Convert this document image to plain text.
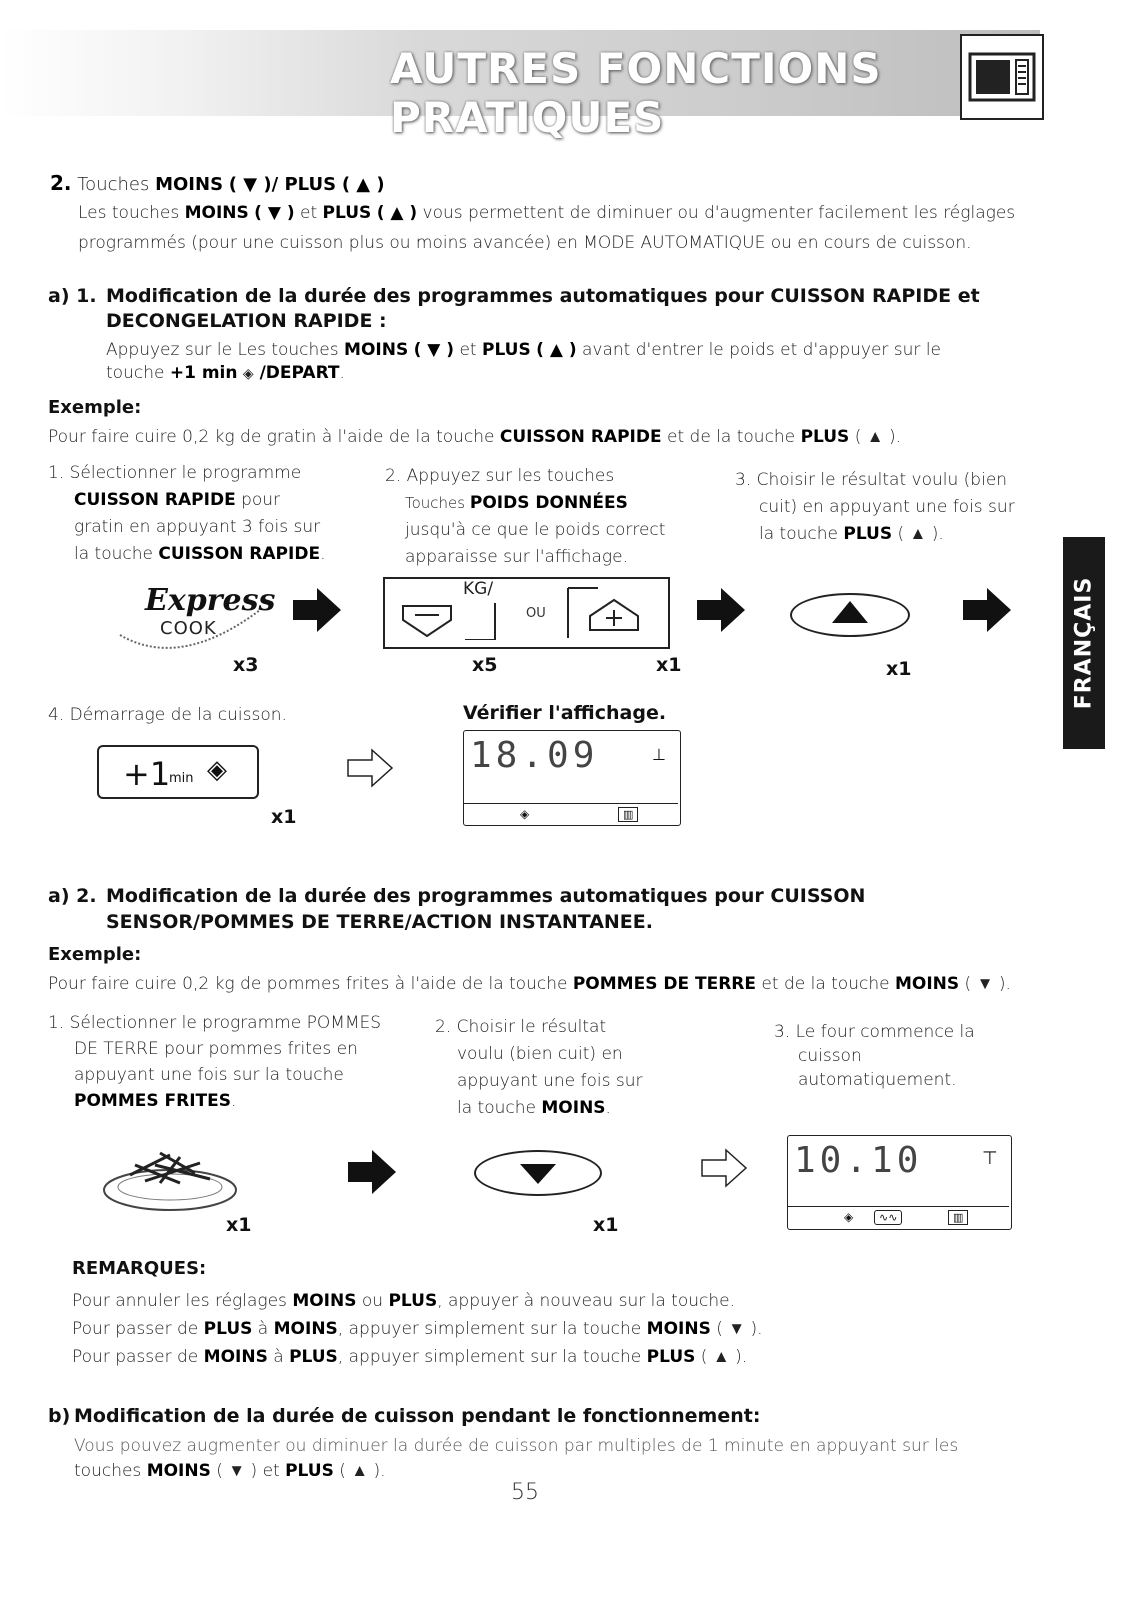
AUTRES FONCTIONS PRATIQUES
FRANÇAIS
2. Touches MOINS ( ▼ )/ PLUS ( ▲ )
Les touches MOINS ( ▼ ) et PLUS ( ▲ ) vous permettent de diminuer ou d'augmenter facilement les réglages
programmés (pour une cuisson plus ou moins avancée) en MODE AUTOMATIQUE ou en cours de cuisson.
a) 1. Modification de la durée des programmes automatiques pour CUISSON RAPIDE et
DECONGELATION RAPIDE :
Appuyez sur le Les touches MOINS ( ▼ ) et PLUS ( ▲ ) avant d'entrer le poids et d'appuyer sur le
touche +1 min ◈ /DEPART.
Exemple:
Pour faire cuire 0,2 kg de gratin à l'aide de la touche CUISSON RAPIDE et de la touche PLUS ( ▲ ).
1. Sélectionner le programme
CUISSON RAPIDE pour
gratin en appuyant 3 fois sur
la touche CUISSON RAPIDE.
2. Appuyez sur les touches
Touches POIDS DONNÉES
jusqu'à ce que le poids correct
apparaisse sur l'affichage.
3. Choisir le résultat voulu (bien
cuit) en appuyant une fois sur
la touche PLUS ( ▲ ).
Express
COOK
x3
KG/
OU
x5	x1	x1
4. Démarrage de la cuisson.	Vérifier l'affichage.
+1
min ◈
x1
18.09	⊥
◈	▥
a) 2. Modification de la durée des programmes automatiques pour CUISSON
SENSOR/POMMES DE TERRE/ACTION INSTANTANEE.
Exemple:
Pour faire cuire 0,2 kg de pommes frites à l'aide de la touche POMMES DE TERRE et de la touche MOINS ( ▼ ).
1. Sélectionner le programme POMMES
DE TERRE pour pommes frites en
appuyant une fois sur la touche
POMMES FRITES.
2. Choisir le résultat
voulu (bien cuit) en
appuyant une fois sur
la touche MOINS.
3. Le four commence la
cuisson
automatiquement.
x1	x1
10.10	⊤
◈	∿∿	▥
REMARQUES:
Pour annuler les réglages MOINS ou PLUS, appuyer à nouveau sur la touche.
Pour passer de PLUS à MOINS, appuyer simplement sur la touche MOINS ( ▼ ).
Pour passer de MOINS à PLUS, appuyer simplement sur la touche PLUS ( ▲ ).
b) Modification de la durée de cuisson pendant le fonctionnement:
Vous pouvez augmenter ou diminuer la durée de cuisson par multiples de 1 minute en appuyant sur les
touches MOINS ( ▼ ) et PLUS ( ▲ ).
55
